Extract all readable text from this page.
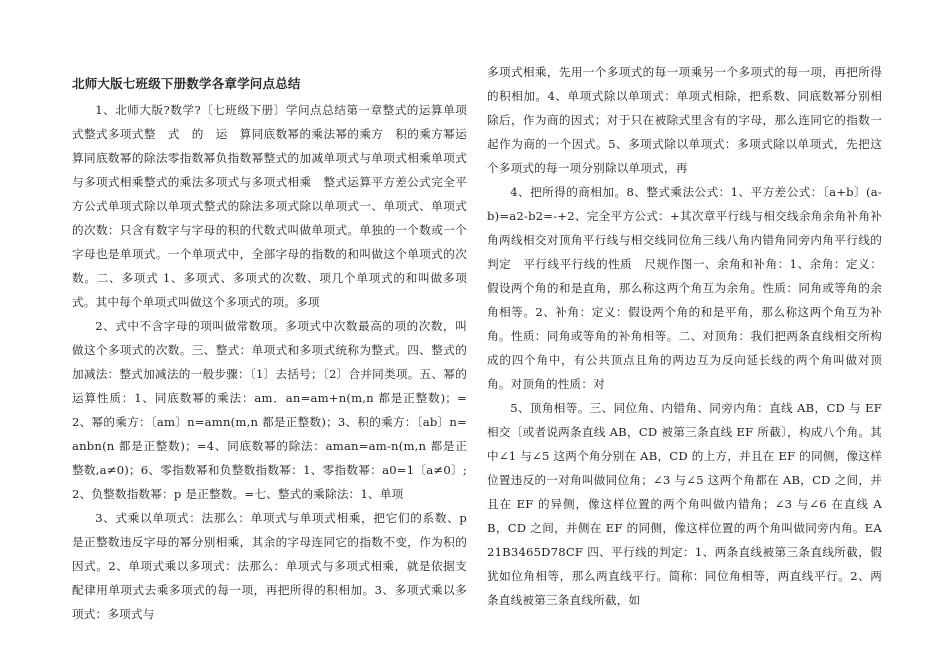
北师大版七班级下册数学各章学问点总结

1、北师大版?数学?〔七班级下册〕学问点总结第一章整式的运算单项式整式多项式整　式　的　运　算同底数幂的乘法幂的乘方　积的乘方幂运算同底数幂的除法零指数幂负指数幂整式的加减单项式与单项式相乘单项式与多项式相乘整式的乘法多项式与多项式相乘　整式运算平方差公式完全平方公式单项式除以单项式整式的除法多项式除以单项式一、单项式、单项式的次数：只含有数字与字母的积的代数式叫做单项式。单独的一个数或一个字母也是单项式。一个单项式中，全部字母的指数的和叫做这个单项式的次数。二、多项式 1、多项式、多项式的次数、项几个单项式的和叫做多项式。其中每个单项式叫做这个多项式的项。多项

2、式中不含字母的项叫做常数项。多项式中次数最高的项的次数，叫做这个多项式的次数。三、整式：单项式和多项式统称为整式。四、整式的加减法：整式加减法的一般步骤：〔1〕去括号；〔2〕合并同类项。五、幂的运算性质：1、同底数幂的乘法：am．an=am+n(m,n 都是正整数)；=2、幂的乘方：〔am〕n=amn(m,n 都是正整数)；3、积的乘方：〔ab〕n=anbn(n 都是正整数)；=4、同底数幂的除法：aman=am-n(m,n 都是正整数,a≠0)；6、零指数幂和负整数指数幂：1、零指数幂：a0=1〔a≠0〕;2、负整数指数幂：p 是正整数。=七、整式的乘除法：1、单项

3、式乘以单项式：法那么：单项式与单项式相乘，把它们的系数、p 是正整数违反字母的幂分别相乘，其余的字母连同它的指数不变，作为积的因式。2、单项式乘以多项式：法那么：单项式与多项式相乘，就是依据支配律用单项式去乘多项式的每一项，再把所得的积相加。3、多项式乘以多项式：多项式与

多项式相乘，先用一个多项式的每一项乘另一个多项式的每一项，再把所得的积相加。4、单项式除以单项式：单项式相除，把系数、同底数幂分别相除后，作为商的因式；对于只在被除式里含有的字母，那么连同它的指数一起作为商的一个因式。5、多项式除以单项式：多项式除以单项式，先把这个多项式的每一项分别除以单项式，再

4、把所得的商相加。8、整式乘法公式：1、平方差公式：〔a+b〕(a-b)=a2-b2=-+2、完全平方公式：+其次章平行线与相交线余角余角补角补角两线相交对顶角平行线与相交线同位角三线八角内错角同旁内角平行线的判定　平行线平行线的性质　尺规作图一、余角和补角：1、余角：定义：假设两个角的和是直角，那么称这两个角互为余角。性质：同角或等角的余角相等。2、补角：定义：假设两个角的和是平角，那么称这两个角互为补角。性质：同角或等角的补角相等。二、对顶角：我们把两条直线相交所构成的四个角中，有公共顶点且角的两边互为反向延长线的两个角叫做对顶角。对顶角的性质：对

5、顶角相等。三、同位角、内错角、同旁内角：直线 AB，CD 与 EF 相交〔或者说两条直线 AB，CD 被第三条直线 EF 所截〕，构成八个角。其中∠1 与∠5 这两个角分别在 AB，CD 的上方，并且在 EF 的同侧，像这样位置违反的一对角叫做同位角；∠3 与∠5 这两个角都在 AB，CD 之间，并且在 EF 的异侧，像这样位置的两个角叫做内错角；∠3 与∠6 在直线 AB，CD 之间，并侧在 EF 的同侧，像这样位置的两个角叫做同旁内角。EA21B3465D78CF 四、平行线的判定：1、两条直线被第三条直线所截，假犹如位角相等，那么两直线平行。简称：同位角相等，两直线平行。2、两条直线被第三条直线所截，如
